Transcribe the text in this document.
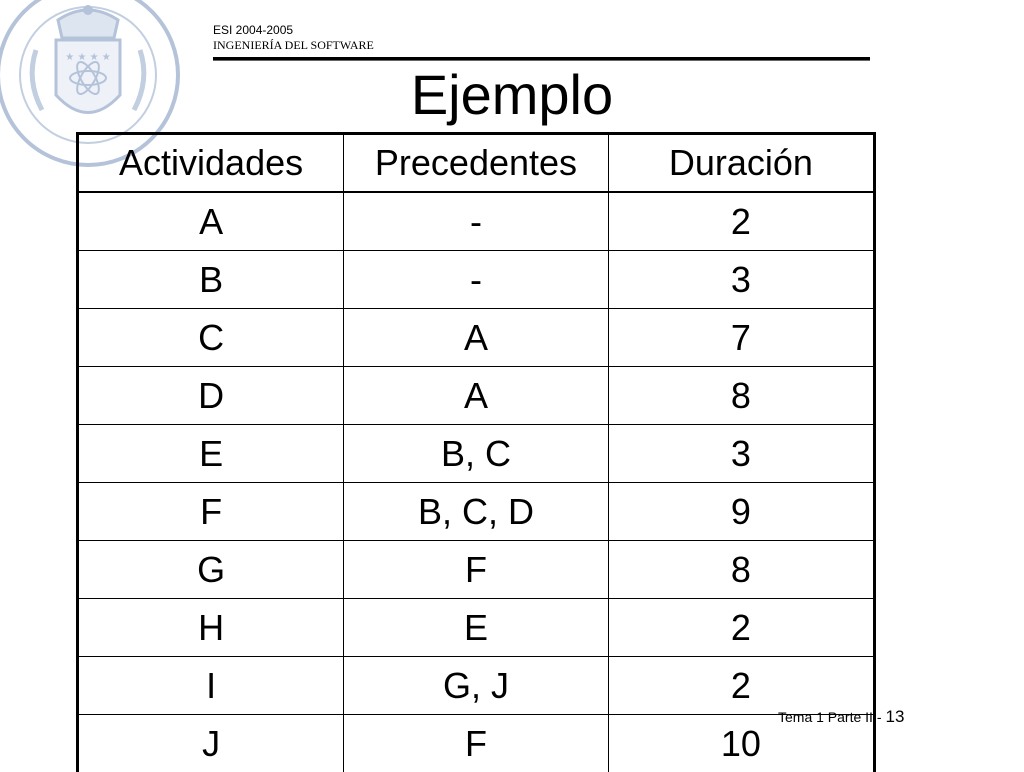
★ ★ ★ ★
ESI 2004-2005
INGENIERÍA DEL SOFTWARE
Ejemplo
Actividades	Precedentes	Duración
A	-	2
B	-	3
C	A	7
D	A	8
E	B, C	3
F	B, C, D	9
G	F	8
H	E	2
I	G, J	2
J	F	10
Tema 1 Parte II - 13
